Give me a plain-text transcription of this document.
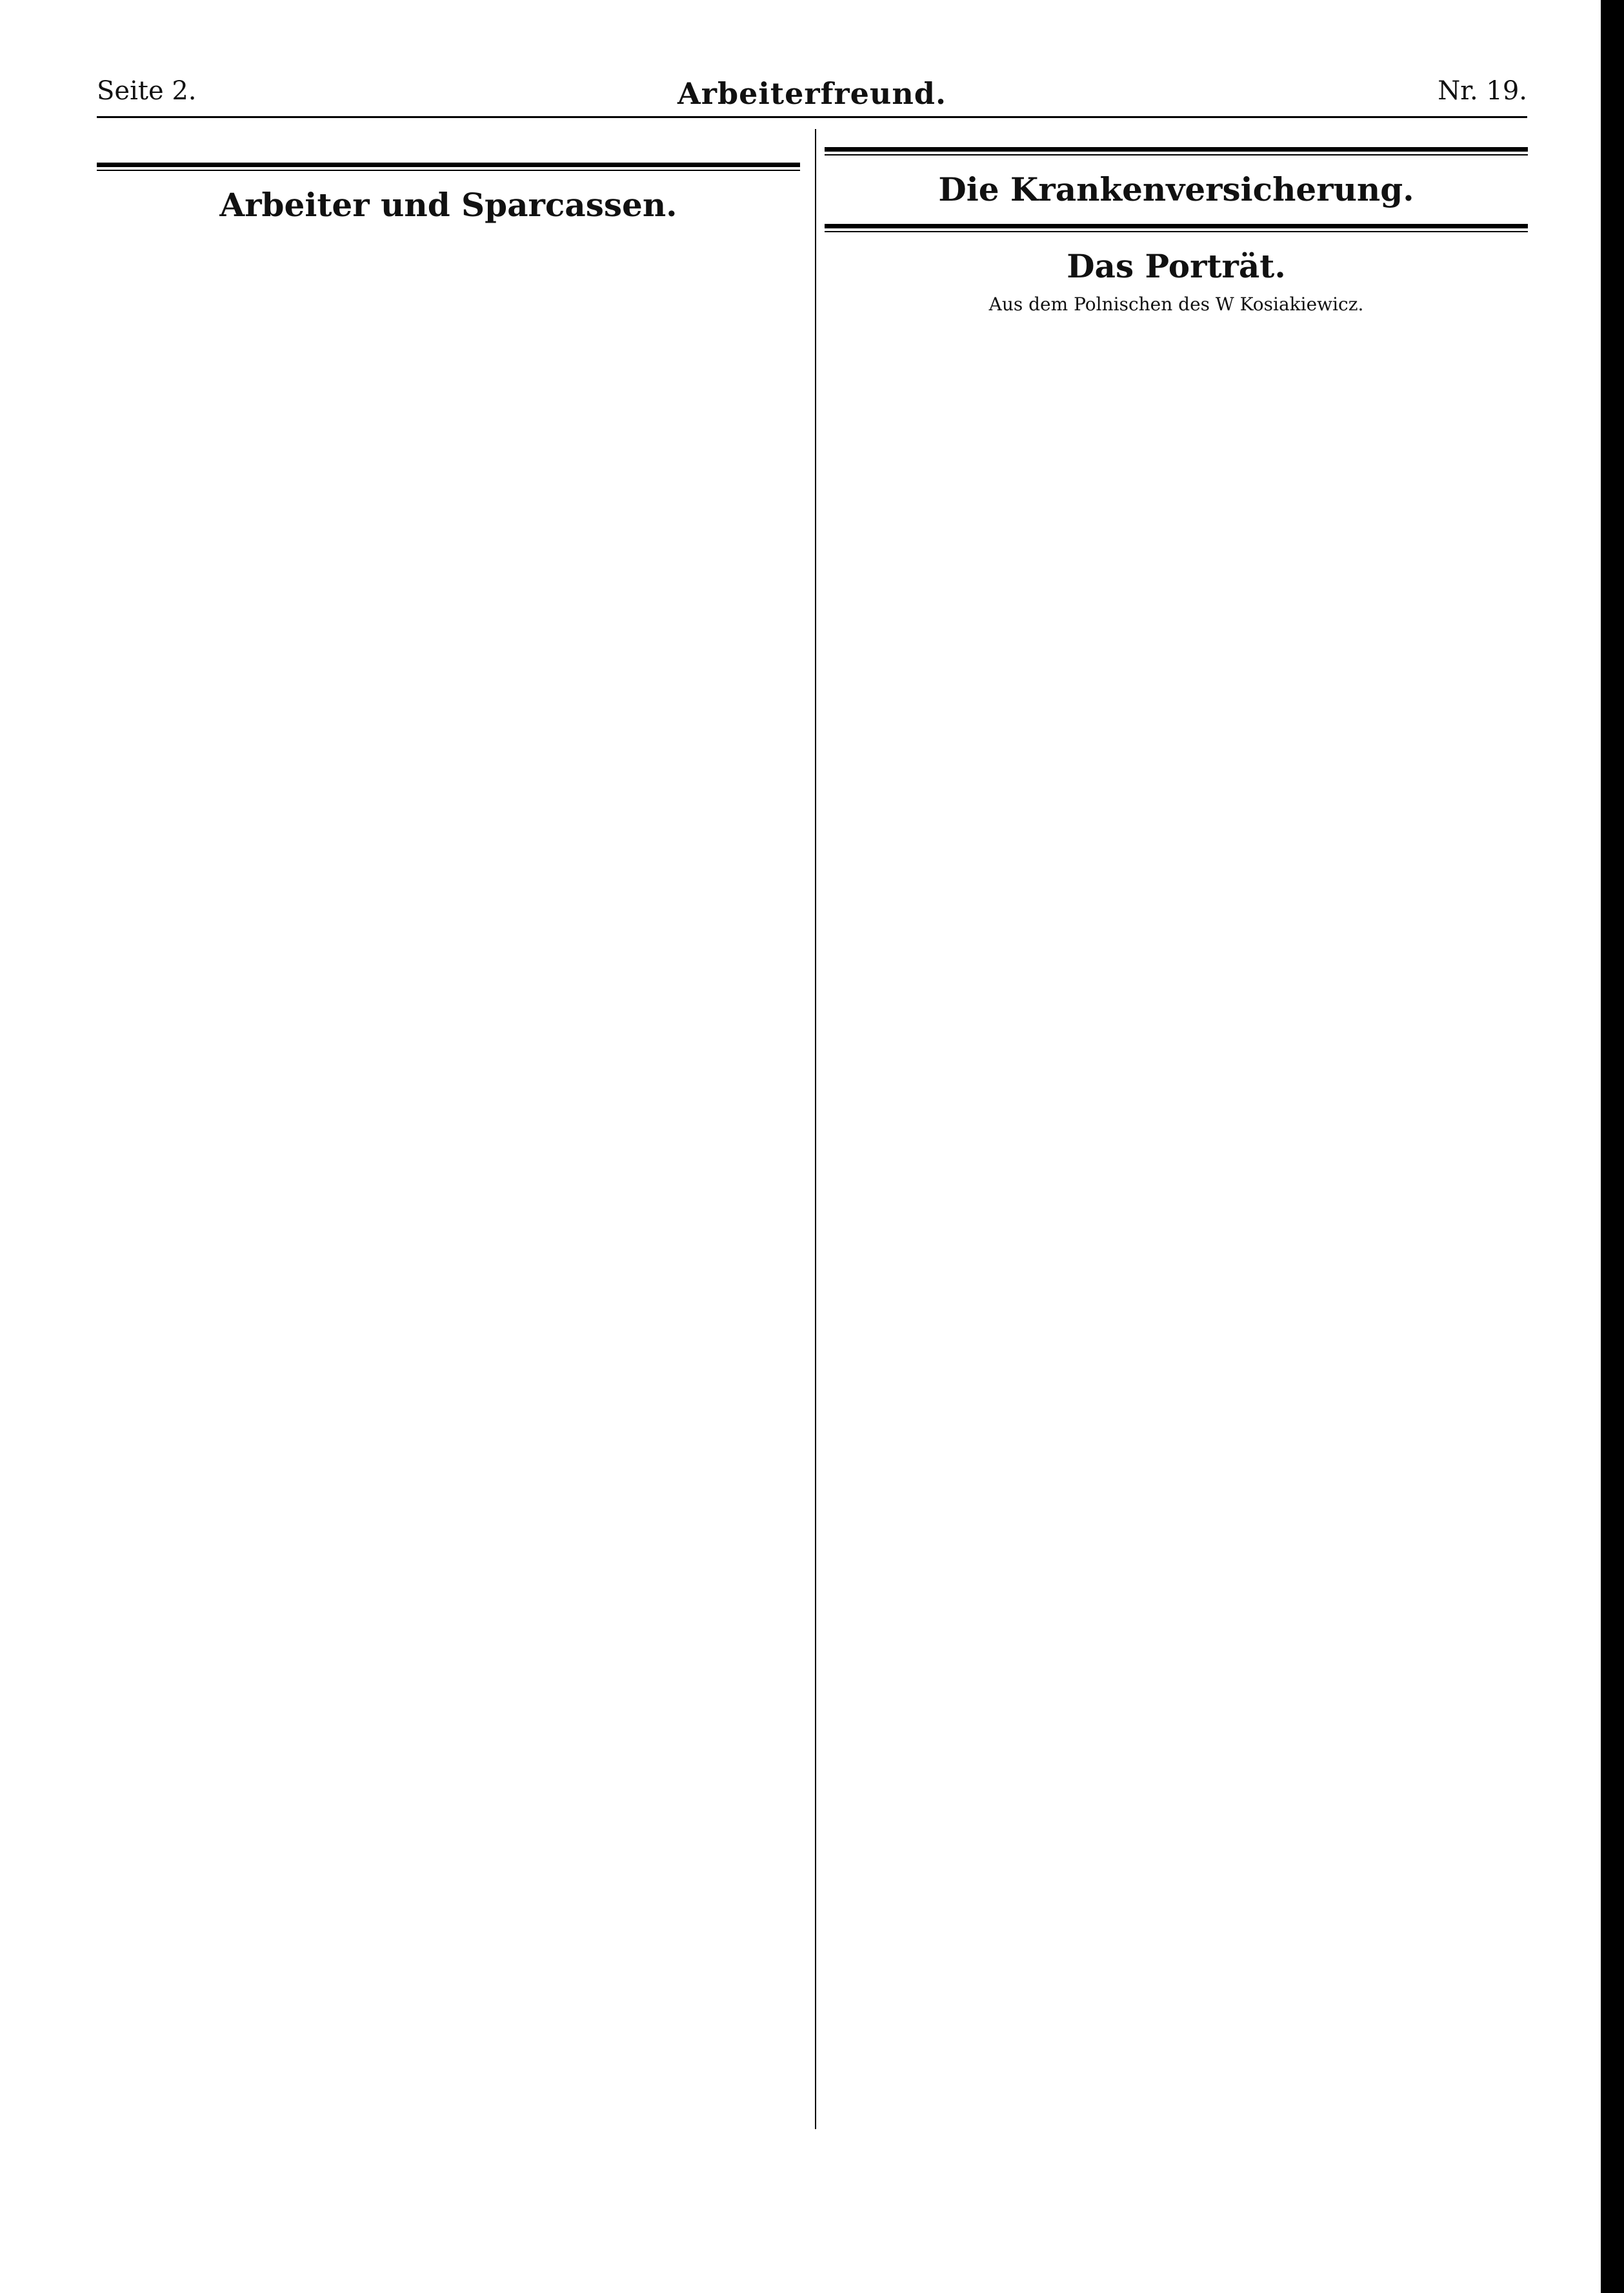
Seite 2.	Arbeiterfreund.	Nr. 19.
Arbeiter und Sparcassen.	Die Krankenversicherung.
Das Porträt.
Aus dem Polnischen des W Kosiakiewicz.
